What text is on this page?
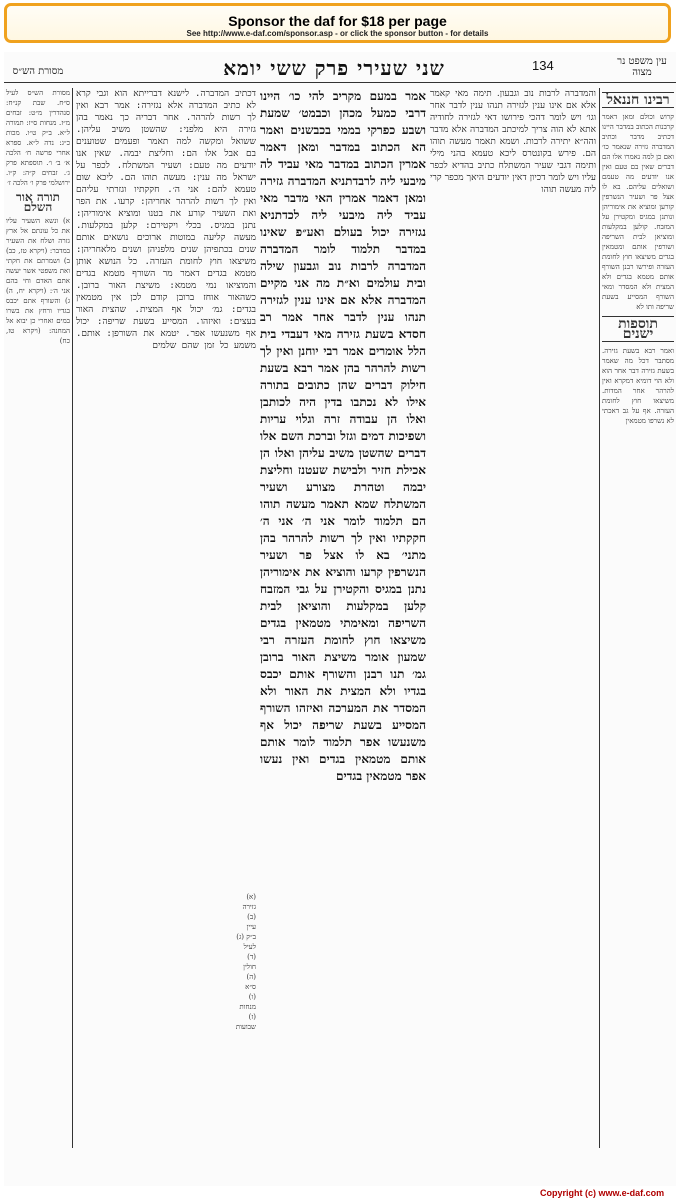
Sponsor the daf for $18 per page
See http://www.e-daf.com/sponsor.asp - or click the sponsor button - for details
מסורת הש״ס	שני שעירי פרק ששי יומא	134	עין משפט נר מצוה
רבינו חננאל
קרוש וכולם ומאן דאמר קרבנות הכתוב במדבר היינו דכתיב מדבר וכתיב המדברה גזירה שנאמר כו׳ ואם כן למה נאמרו אלו הם דברים שאין בם טעם ואין אנו יודעים מה טעמם ושואלים עליהם. בא לו אצל פר ושעיר הנשרפין קורען ומוציא את אימוריהן ונותנן במגיס ומקטירן על המזבח. קולען במקלעות ומוציאן לבית השריפה ושורפין אותם ומטמאין בגדים משיצאו חוץ לחומת העזרה ופירשו רבנן השורף אותם מטמא בגדים ולא המצית ולא המסדר ומאי השורף המסייע בשעת שריפה ותו לא
תוספות ישנים
ואמר רבא בשעת גזירה. מסתבר דכל מה שאמר בשעת גזירה דבר אחר הוא ולא הוי דומיא דמקרא ואין להרהר אחר המדות. משיצאו חוץ לחומת העזרה. אף על גב דאכתי לא נשרפו מטמאין
והמדברה לרבות נוב וגבעון. תימה מאי קאמר אלא אם אינו ענין לגזירה תנהו ענין לדבר אחר וגו׳ ויש לומר דהכי פירושו דאי לגזירה לחודיה אתא לא הוה צריך למיכתב המדברה אלא מדבר והה״א יתירה לרבות. ושמא תאמר מעשה תוהו הם. פירש בקונטרס ליכא טעמא בהני מילי ותימה דגבי שעיר המשתלח כתיב בהדיא לכפר עליו ויש לומר דכיון דאין יודעים היאך מכפר קרי ליה מעשה תוהו
אמר במעם מקריב להי כו׳ היינו דרבי כמעל מכהן וכבמט׳ שמעת ושבע כפרקי בממי בכבשנים ואמר הא הכתוב במדבר ומאן דאמר אמרין הכתוב במדבר מאי עביד לה מיבעי ליה לרבדתניא המדברה גזירה ומאן דאמר אמרין האי מדבר מאי עביד ליה מיבעי ליה לכדתניא נגזירה יכול בעולם ואע״פ שאינו במדבר תלמוד לומר המדברה המדברה לרבות נוב וגבעון שילה ובית עולמים וא״ת מה אני מקיים המדברה אלא אם אינו ענין לגזירה תנהו ענין לדבר אחר אמר רב חסדא בשעת גזירה מאי דעבדי בית הלל אומרים אמר רבי יוחנן ואין לך רשות להרהר בהן אמר רבא בשעת חילוק דברים שהן כתובים בתורה אילו לא נכתבו בדין היה לכותבן ואלו הן עבודה זרה וגלוי עריות ושפיכות דמים וגזל וברכת השם אלו דברים שהשטן משיב עליהן ואלו הן אכילת חזיר ולבישת שעטנז וחליצת יבמה וטהרת מצורע ושעיר המשתלח שמא תאמר מעשה תוהו הם תלמוד לומר אני ה׳ אני ה׳ חקקתיו ואין לך רשות להרהר בהן מתני׳ בא לו אצל פר ושעיר הנשרפין קרעו והוציא את אימוריהן נתנן במגיס והקטירן על גבי המזבח קלען במקלעות והוציאן לבית השריפה ומאימתי מטמאין בגדים משיצאו חוץ לחומת העזרה רבי שמעון אומר משיצת האור ברובן גמ׳ תנו רבנן והשורף אותם יכבס בגדיו ולא המצית את האור ולא המסדר את המערכה ואיזהו השורף המסייע בשעת שריפה יכול אף משנעשו אפר תלמוד לומר אותם אותם מטמאין בגדים ואין נעשו אפר מטמאין בגדים
דכתיב המדברה. לישנא דברייתא הוא וגבי קרא לא כתיב המדברה אלא נגזירה: אמר רבא ואין לך רשות להרהר. אחר דבריה כך נאמר בהן גזירה היא מלפני: שהשטן משיב עליהן. ששואל ומקשה למה תאמר ופעמים שטוענים בם אבל אלו הם: וחליצת יבמה. שאין אנו יודעים מה טעם: ושעיר המשתלח. לכפר על ישראל מה ענין: מעשה תוהו הם. ליכא שום טעמא להם: אני ה׳. חקקתיו וגזרתי עליהם ואין לך רשות להרהר אחריהן: קרעו. את הפר ואת השעיר קורע את בטנו ומוציא אימוריהן: נתנן במגיס. בכלי ויקטירם: קלען במקלעות. מעשה קליעה במוטות ארוכים נושאים אותם שנים בכתפיהן שנים מלפניהן ושנים מלאחריהן: משיצאו חוץ לחומת העזרה. כל הנושא אותן מטמא בגדים דאמר מר השורף מטמא בגדים והמוציאו נמי מטמא: משיצת האור ברובן. כשהאור אוחז ברובן קודם לכן אין מטמאין בגדים: גמ׳ יכול אף המצית. שהצית האור בעצים: ואיזהו. המסייע בשעת שריפה: יכול אף משנעשו אפר. יטמא את השורפן: אותם. משמע כל זמן שהם שלמים
מסורת הש״ס לעיל ס״ח. שבת קנ״ח: סנהדרין מ״ט: זבחים מ״ז. מנחות ס״ז: תמורה ל״א. ב״ק ט״ו. מכות כ״ג: נדה ל״א. ספרא אחרי פרשה ח׳ הלכה א׳ ב׳ ו׳. תוספתא פרק ג׳. זבחים ק״ה: ק״ו. ירושלמי פרק ו׳ הלכה ז׳
תורה אור השלם
א) ונשא השעיר עליו את כל עונתם אל ארץ גזרה ושלח את השעיר במדבר: (ויקרא טז, כב) ב) ושמרתם את חקתי ואת משפטי אשר יעשה אתם האדם וחי בהם אני ה׳: (ויקרא יח, ה) ג) והשורף אתם יכבס בגדיו ורחץ את בשרו במים ואחרי כן יבוא אל המחנה: (ויקרא טז, כח)
(א) גזירה (ב) עיין ב״ק (ג) לעיל (ד) חולין (ה) ס״א (ו) מנחות (ז) שבועות
Copyright (c) www.e-daf.com
